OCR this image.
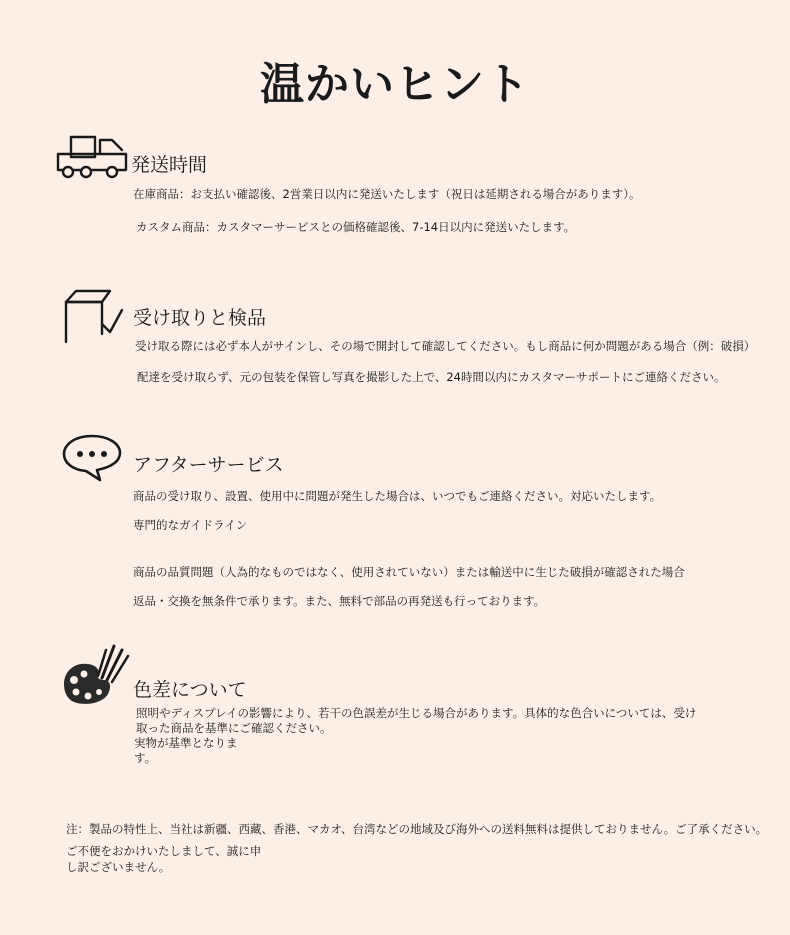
温かいヒント
発送時間
在庫商品：お支払い確認後、2営業日以内に発送いたします（祝日は延期される場合があります）。
カスタム商品：カスタマーサービスとの価格確認後、7-14日以内に発送いたします。
受け取りと検品
受け取る際には必ず本人がサインし、その場で開封して確認してください。もし商品に何か問題がある場合（例：破損）
配達を受け取らず、元の包装を保管し写真を撮影した上で、24時間以内にカスタマーサポートにご連絡ください。
アフターサービス
商品の受け取り、設置、使用中に問題が発生した場合は、いつでもご連絡ください。対応いたします。
専門的なガイドライン
商品の品質問題（人為的なものではなく、使用されていない）または輸送中に生じた破損が確認された場合
返品・交換を無条件で承ります。また、無料で部品の再発送も行っております。
色差について
照明やディスプレイの影響により、若干の色誤差が生じる場合があります。具体的な色合いについては、受け
取った商品を基準にご確認ください。
実物が基準となりま
す。
注：製品の特性上、当社は新疆、西藏、香港、マカオ、台湾などの地域及び海外への送料無料は提供しておりません。ご了承ください。
ご不便をおかけいたしまして、誠に申
し訳ございません。
